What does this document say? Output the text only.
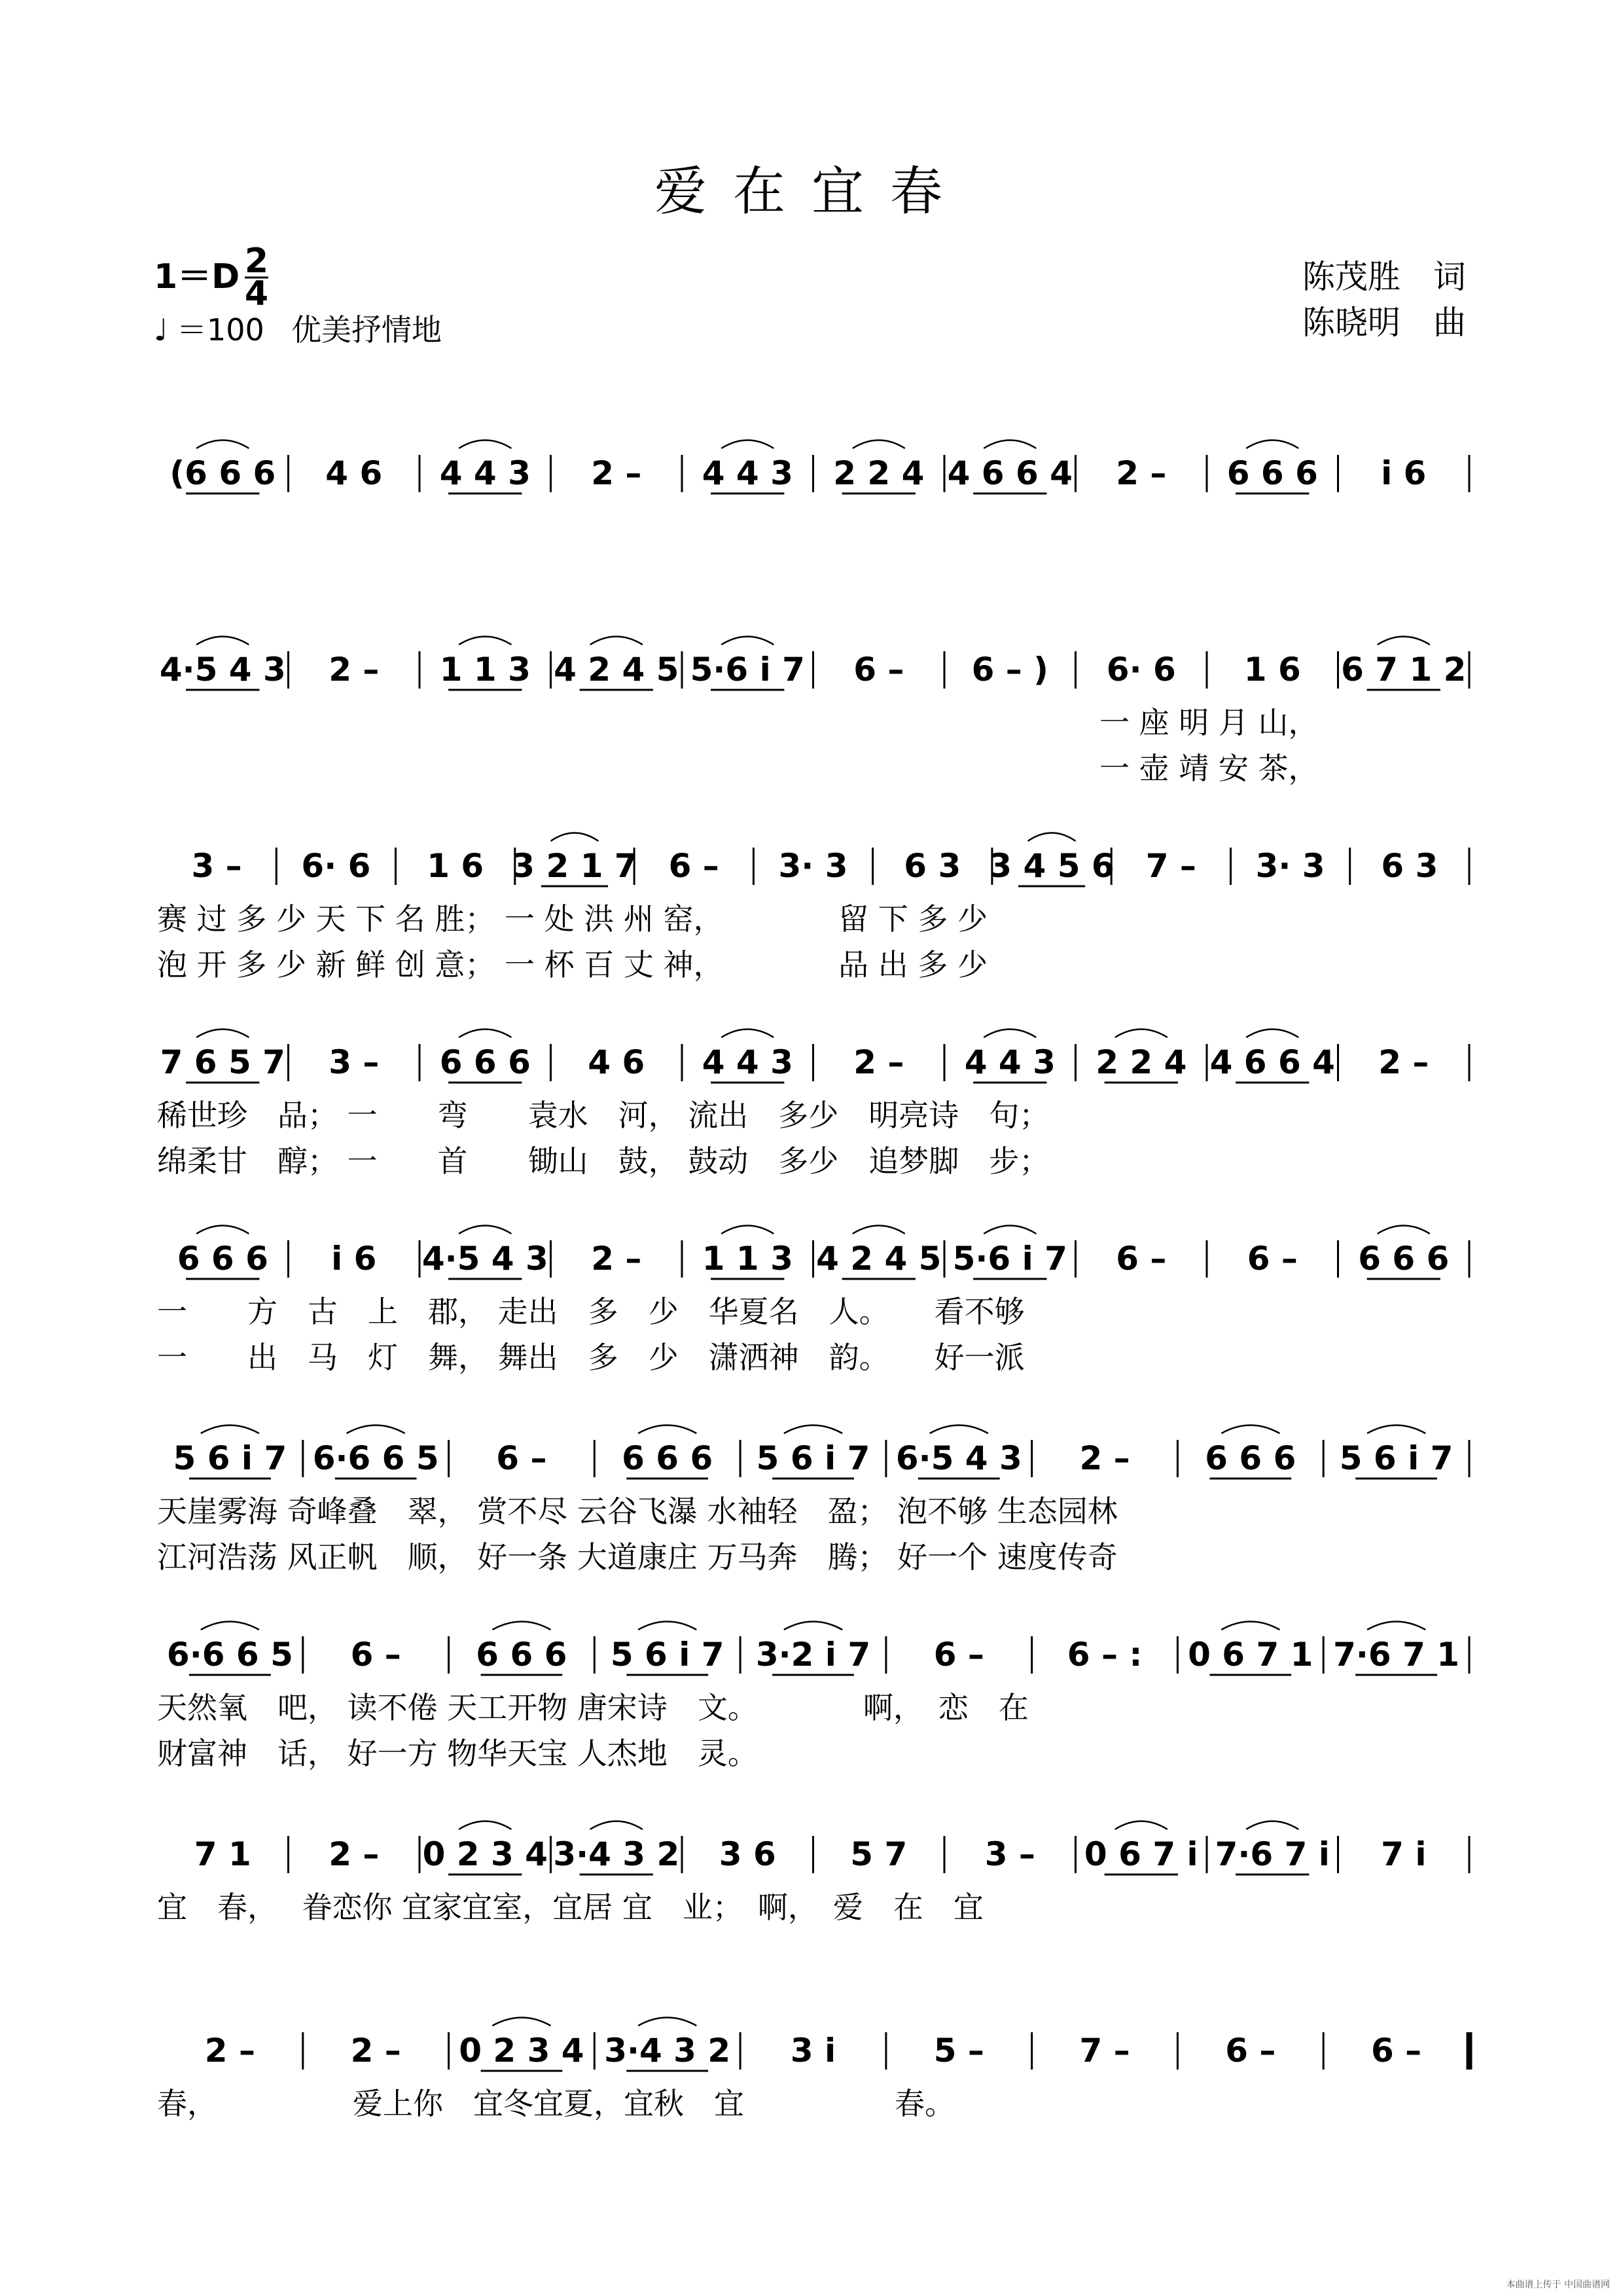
爱在宜春
1＝D 2
4
♩ ＝100 优美抒情地
陈茂胜　词
陈晓明　曲
(6 6 6 4 6 4 4 3 2 – 4 4 3 2 2 4 4 6 6 4 2 – 6 6 6 i 6
4·5 4 3 2 – 1 1 3 4 2 4 5 5·6 i 7 6 – 6 – ) 6· 6 1 6 6 7 1 2
一 座 明 月 山，
一 壶 靖 安 茶，
3 – 6· 6 1 6 3 2 1 7 6 – 3· 3 6 3 3 4 5 6 7 – 3· 3 6 3
赛 过 多 少 天 下 名 胜； 一 处 洪 州 窑，　　　　 留 下 多 少
泡 开 多 少 新 鲜 创 意； 一 杯 百 丈 神，　　　　 品 出 多 少
7 6 5 7 3 – 6 6 6 4 6 4 4 3 2 – 4 4 3 2 2 4 4 6 6 4 2 –
稀世珍　品； 一　　弯　　袁水　河， 流出　多少　明亮诗　句；
绵柔甘　醇； 一　　首　　锄山　鼓， 鼓动　多少　追梦脚　步；
6 6 6 i 6 4·5 4 3 2 – 1 1 3 4 2 4 5 5·6 i 7 6 – 6 – 6 6 6
一　　方　古　上　郡， 走出　多　少　华夏名　人。　　看不够
一　　出　马　灯　舞， 舞出　多　少　潇洒神　韵。　　好一派
5 6 i 7 6·6 6 5 6 – 6 6 6 5 6 i 7 6·5 4 3 2 – 6 6 6 5 6 i 7
天崖雾海 奇峰叠　翠， 赏不尽 云谷飞瀑 水袖轻　盈； 泡不够 生态园林
江河浩荡 风正帆　顺， 好一条 大道康庄 万马奔　腾； 好一个 速度传奇
6·6 6 5 6 – 6 6 6 5 6 i 7 3·2 i 7 6 –	6 – : 0 6 7 1 7·6 7 1
天然氧　吧， 读不倦 天工开物 唐宋诗　文。　　　　啊，　恋　在
财富神　话， 好一方 物华天宝 人杰地　灵。
7 1 2 – 0 2 3 4 3·4 3 2 3 6 5 7 3 – 0 6 7 i 7·6 7 i 7 i
宜　春，　 眷恋你 宜家宜室，宜居 宜　业；　啊，　爱　在　宜
2 –	2 – 0 2 3 4 3·4 3 2 3 i	5 –	7 –	6 –	6 –
春，　　　　　爱上你　宜冬宜夏，宜秋　宜　　　　　春。
本曲谱上传于 中国曲谱网
